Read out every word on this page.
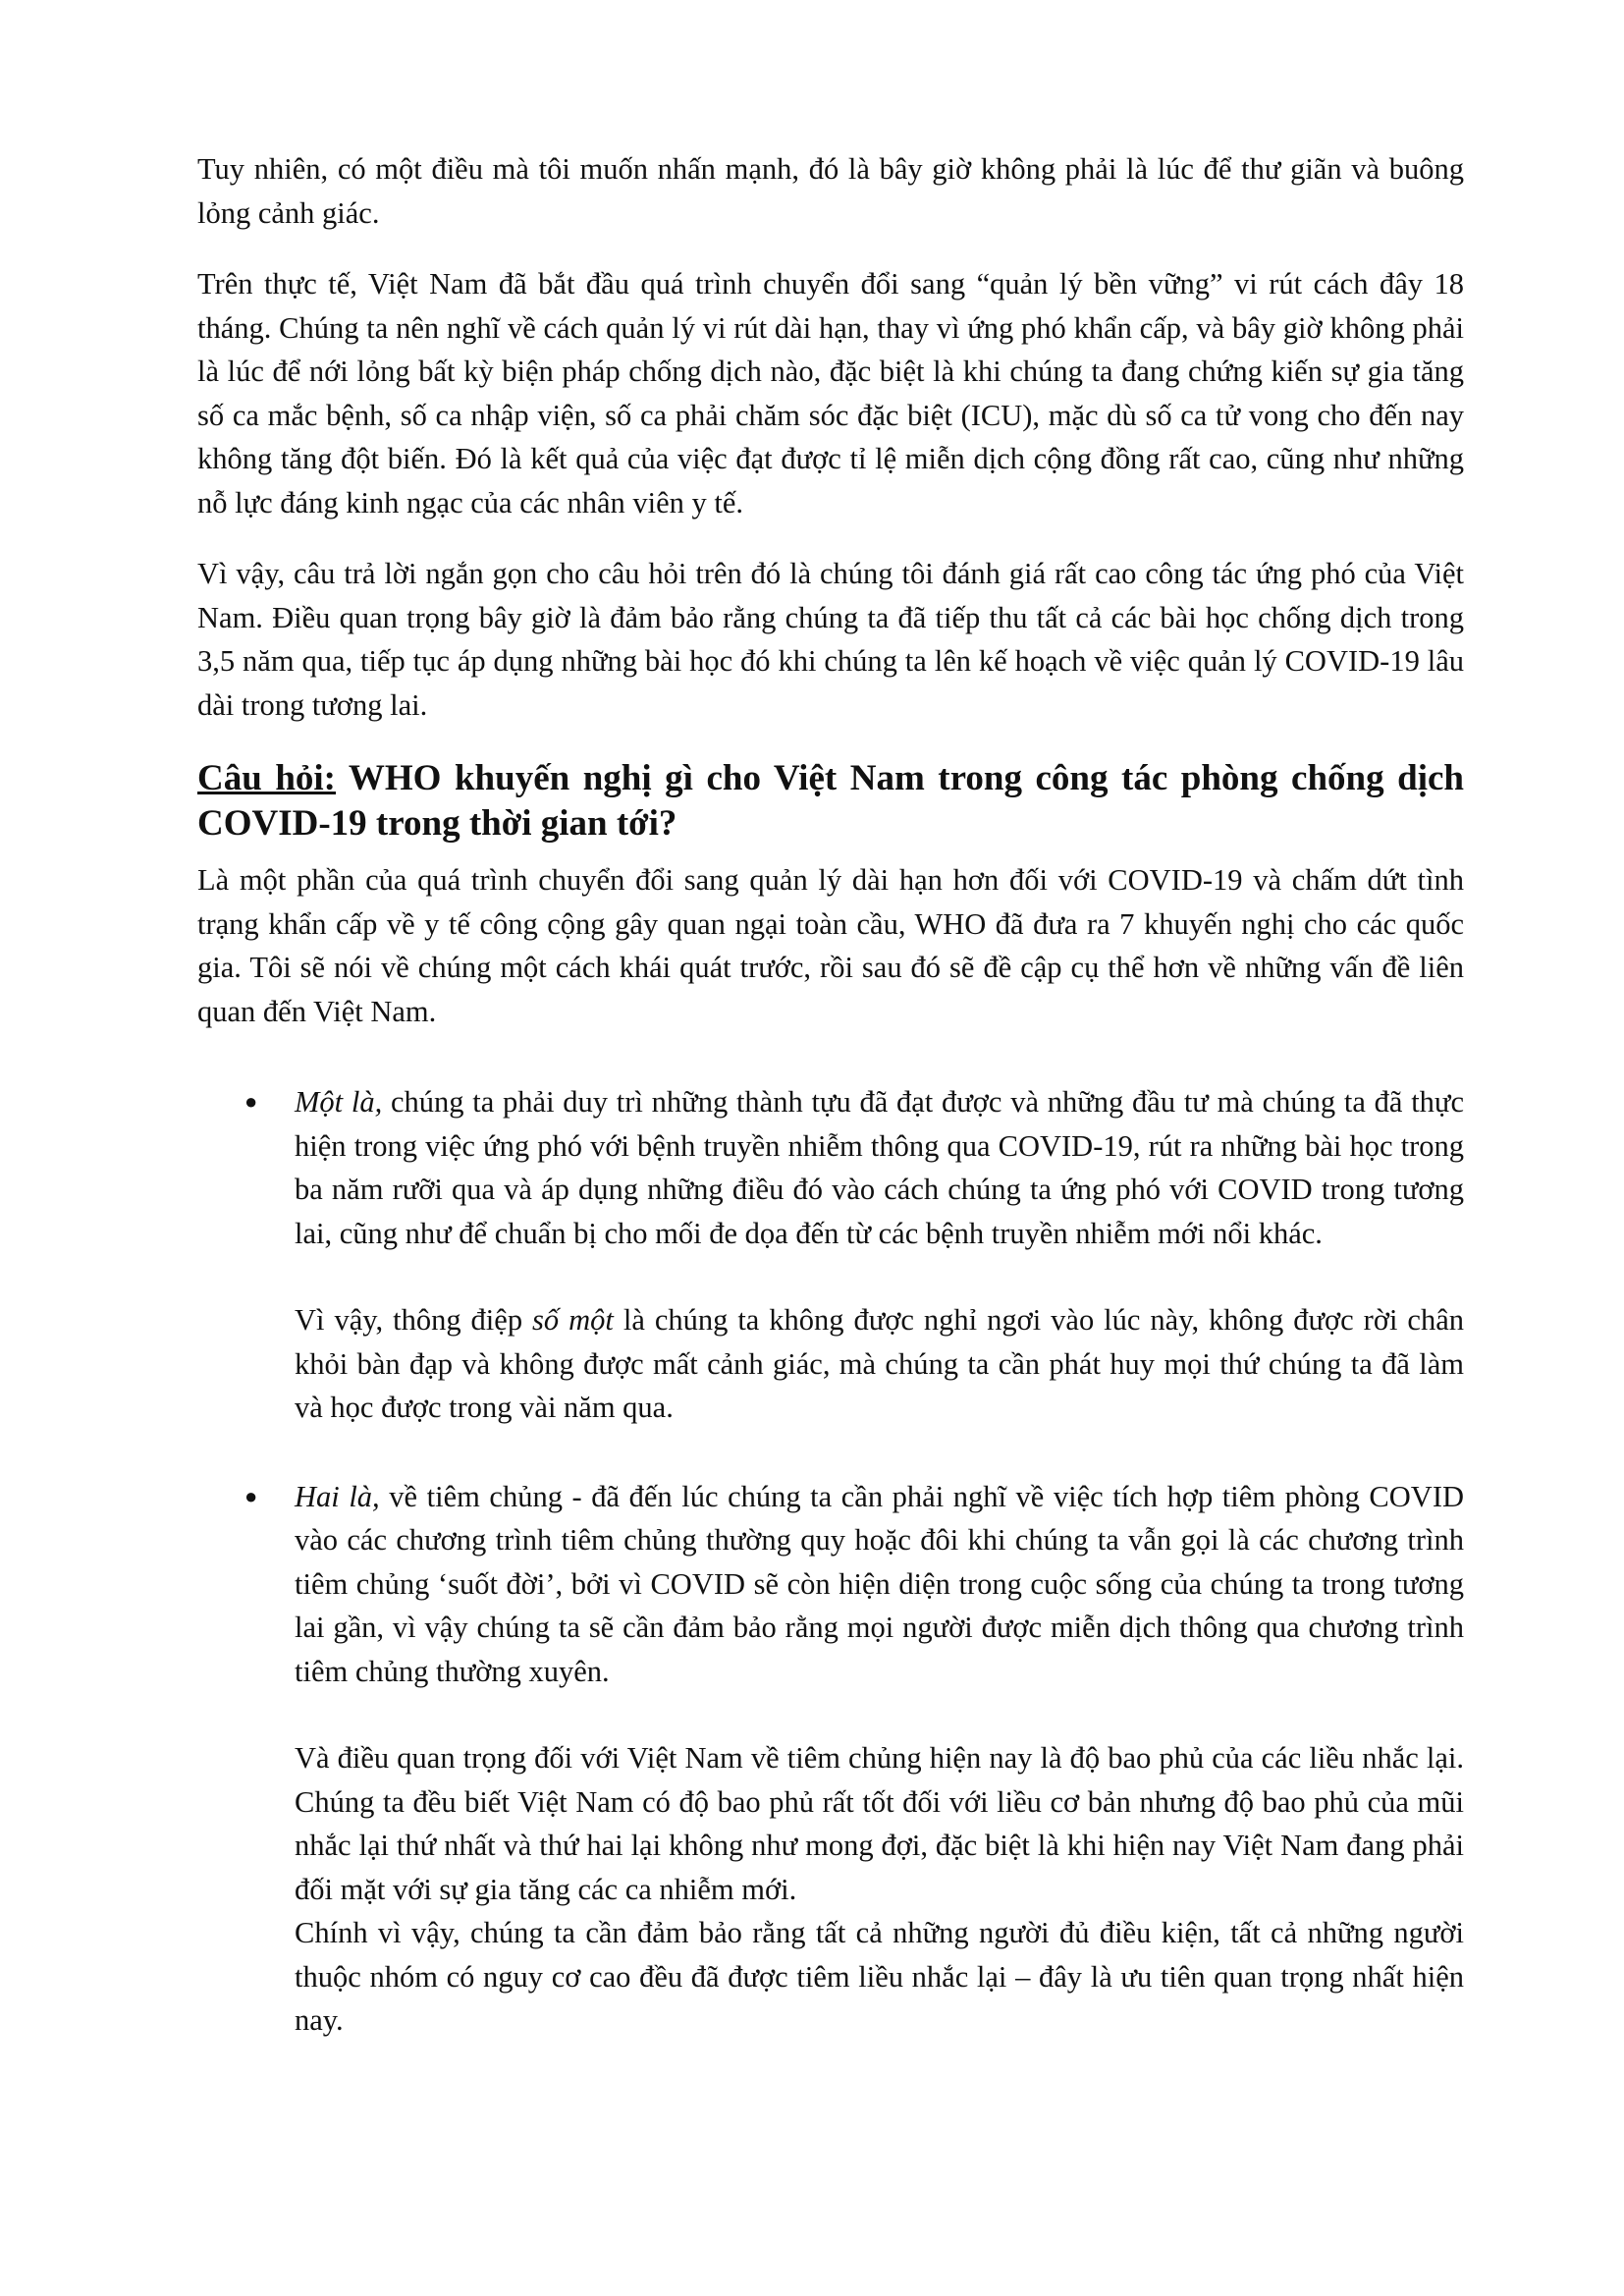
Tuy nhiên, có một điều mà tôi muốn nhấn mạnh, đó là bây giờ không phải là lúc để thư giãn và buông lỏng cảnh giác.

Trên thực tế, Việt Nam đã bắt đầu quá trình chuyển đổi sang “quản lý bền vững” vi rút cách đây 18 tháng. Chúng ta nên nghĩ về cách quản lý vi rút dài hạn, thay vì ứng phó khẩn cấp, và bây giờ không phải là lúc để nới lỏng bất kỳ biện pháp chống dịch nào, đặc biệt là khi chúng ta đang chứng kiến sự gia tăng số ca mắc bệnh, số ca nhập viện, số ca phải chăm sóc đặc biệt (ICU), mặc dù số ca tử vong cho đến nay không tăng đột biến. Đó là kết quả của việc đạt được tỉ lệ miễn dịch cộng đồng rất cao, cũng như những nỗ lực đáng kinh ngạc của các nhân viên y tế.

Vì vậy, câu trả lời ngắn gọn cho câu hỏi trên đó là chúng tôi đánh giá rất cao công tác ứng phó của Việt Nam. Điều quan trọng bây giờ là đảm bảo rằng chúng ta đã tiếp thu tất cả các bài học chống dịch trong 3,5 năm qua, tiếp tục áp dụng những bài học đó khi chúng ta lên kế hoạch về việc quản lý COVID-19 lâu dài trong tương lai.

Câu hỏi: WHO khuyến nghị gì cho Việt Nam trong công tác phòng chống dịch COVID-19 trong thời gian tới?

Là một phần của quá trình chuyển đổi sang quản lý dài hạn hơn đối với COVID-19 và chấm dứt tình trạng khẩn cấp về y tế công cộng gây quan ngại toàn cầu, WHO đã đưa ra 7 khuyến nghị cho các quốc gia. Tôi sẽ nói về chúng một cách khái quát trước, rồi sau đó sẽ đề cập cụ thể hơn về những vấn đề liên quan đến Việt Nam.

● Một là, chúng ta phải duy trì những thành tựu đã đạt được và những đầu tư mà chúng ta đã thực hiện trong việc ứng phó với bệnh truyền nhiễm thông qua COVID-19, rút ra những bài học trong ba năm rưỡi qua và áp dụng những điều đó vào cách chúng ta ứng phó với COVID trong tương lai, cũng như để chuẩn bị cho mối đe dọa đến từ các bệnh truyền nhiễm mới nổi khác.

Vì vậy, thông điệp số một là chúng ta không được nghỉ ngơi vào lúc này, không được rời chân khỏi bàn đạp và không được mất cảnh giác, mà chúng ta cần phát huy mọi thứ chúng ta đã làm và học được trong vài năm qua.

● Hai là, về tiêm chủng - đã đến lúc chúng ta cần phải nghĩ về việc tích hợp tiêm phòng COVID vào các chương trình tiêm chủng thường quy hoặc đôi khi chúng ta vẫn gọi là các chương trình tiêm chủng ‘suốt đời’, bởi vì COVID sẽ còn hiện diện trong cuộc sống của chúng ta trong tương lai gần, vì vậy chúng ta sẽ cần đảm bảo rằng mọi người được miễn dịch thông qua chương trình tiêm chủng thường xuyên.

Và điều quan trọng đối với Việt Nam về tiêm chủng hiện nay là độ bao phủ của các liều nhắc lại. Chúng ta đều biết Việt Nam có độ bao phủ rất tốt đối với liều cơ bản nhưng độ bao phủ của mũi nhắc lại thứ nhất và thứ hai lại không như mong đợi, đặc biệt là khi hiện nay Việt Nam đang phải đối mặt với sự gia tăng các ca nhiễm mới.

Chính vì vậy, chúng ta cần đảm bảo rằng tất cả những người đủ điều kiện, tất cả những người thuộc nhóm có nguy cơ cao đều đã được tiêm liều nhắc lại – đây là ưu tiên quan trọng nhất hiện nay.
